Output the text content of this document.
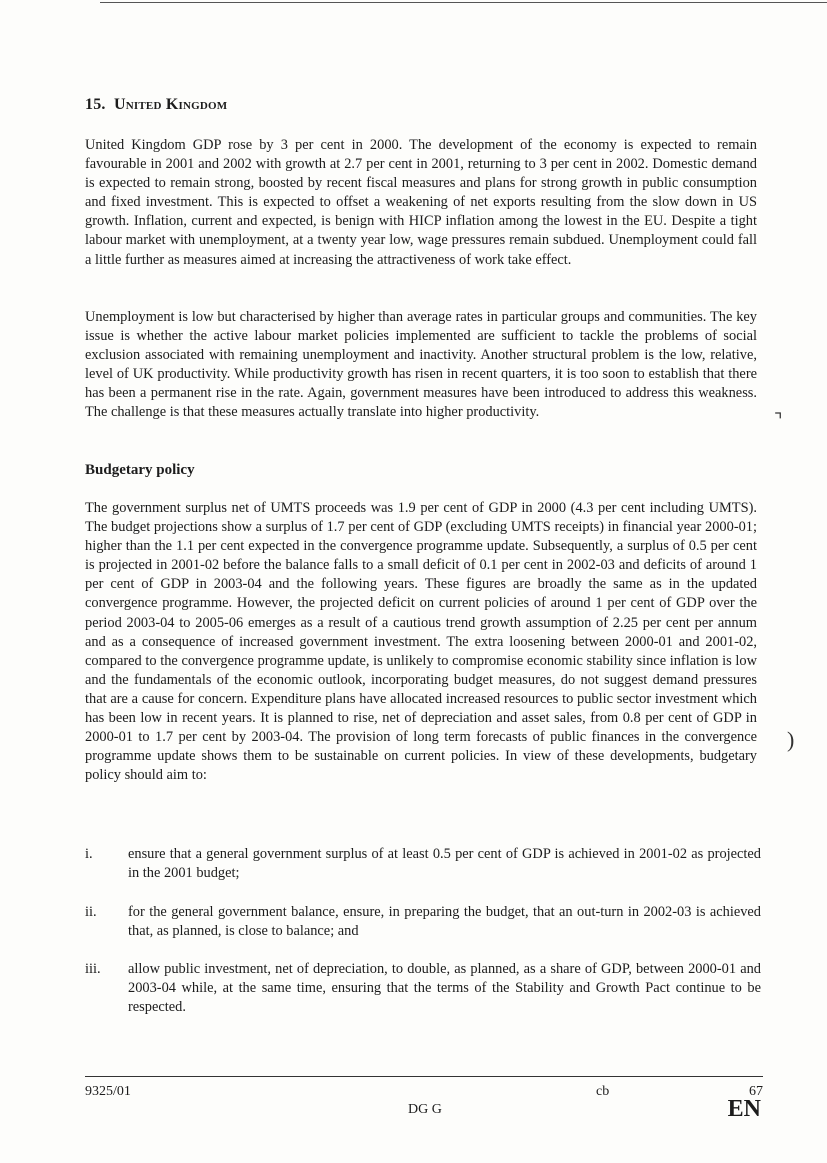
15. United Kingdom

United Kingdom GDP rose by 3 per cent in 2000. The development of the economy is expected to remain favourable in 2001 and 2002 with growth at 2.7 per cent in 2001, returning to 3 per cent in 2002. Domestic demand is expected to remain strong, boosted by recent fiscal measures and plans for strong growth in public consumption and fixed investment. This is expected to offset a weakening of net exports resulting from the slow down in US growth. Inflation, current and expected, is benign with HICP inflation among the lowest in the EU. Despite a tight labour market with unemployment, at a twenty year low, wage pressures remain subdued. Unemployment could fall a little further as measures aimed at increasing the attractiveness of work take effect.

Unemployment is low but characterised by higher than average rates in particular groups and communities. The key issue is whether the active labour market policies implemented are sufficient to tackle the problems of social exclusion associated with remaining unemployment and inactivity. Another structural problem is the low, relative, level of UK productivity. While productivity growth has risen in recent quarters, it is too soon to establish that there has been a permanent rise in the rate. Again, government measures have been introduced to address this weakness. The challenge is that these measures actually translate into higher productivity.

Budgetary policy

The government surplus net of UMTS proceeds was 1.9 per cent of GDP in 2000 (4.3 per cent including UMTS). The budget projections show a surplus of 1.7 per cent of GDP (excluding UMTS receipts) in financial year 2000-01; higher than the 1.1 per cent expected in the convergence programme update. Subsequently, a surplus of 0.5 per cent is projected in 2001-02 before the balance falls to a small deficit of 0.1 per cent in 2002-03 and deficits of around 1 per cent of GDP in 2003-04 and the following years. These figures are broadly the same as in the updated convergence programme. However, the projected deficit on current policies of around 1 per cent of GDP over the period 2003-04 to 2005-06 emerges as a result of a cautious trend growth assumption of 2.25 per cent per annum and as a consequence of increased government investment. The extra loosening between 2000-01 and 2001-02, compared to the convergence programme update, is unlikely to compromise economic stability since inflation is low and the fundamentals of the economic outlook, incorporating budget measures, do not suggest demand pressures that are a cause for concern. Expenditure plans have allocated increased resources to public sector investment which has been low in recent years. It is planned to rise, net of depreciation and asset sales, from 0.8 per cent of GDP in 2000-01 to 1.7 per cent by 2003-04. The provision of long term forecasts of public finances in the convergence programme update shows them to be sustainable on current policies. In view of these developments, budgetary policy should aim to:

i.	ensure that a general government surplus of at least 0.5 per cent of GDP is achieved in 2001-02 as projected in the 2001 budget;
ii.	for the general government balance, ensure, in preparing the budget, that an out-turn in 2002-03 is achieved that, as planned, is close to balance; and
iii.	allow public investment, net of depreciation, to double, as planned, as a share of GDP, between 2000-01 and 2003-04 while, at the same time, ensuring that the terms of the Stability and Growth Pact continue to be respected.
⌝
)
9325/01	cb	67
DG G	EN
